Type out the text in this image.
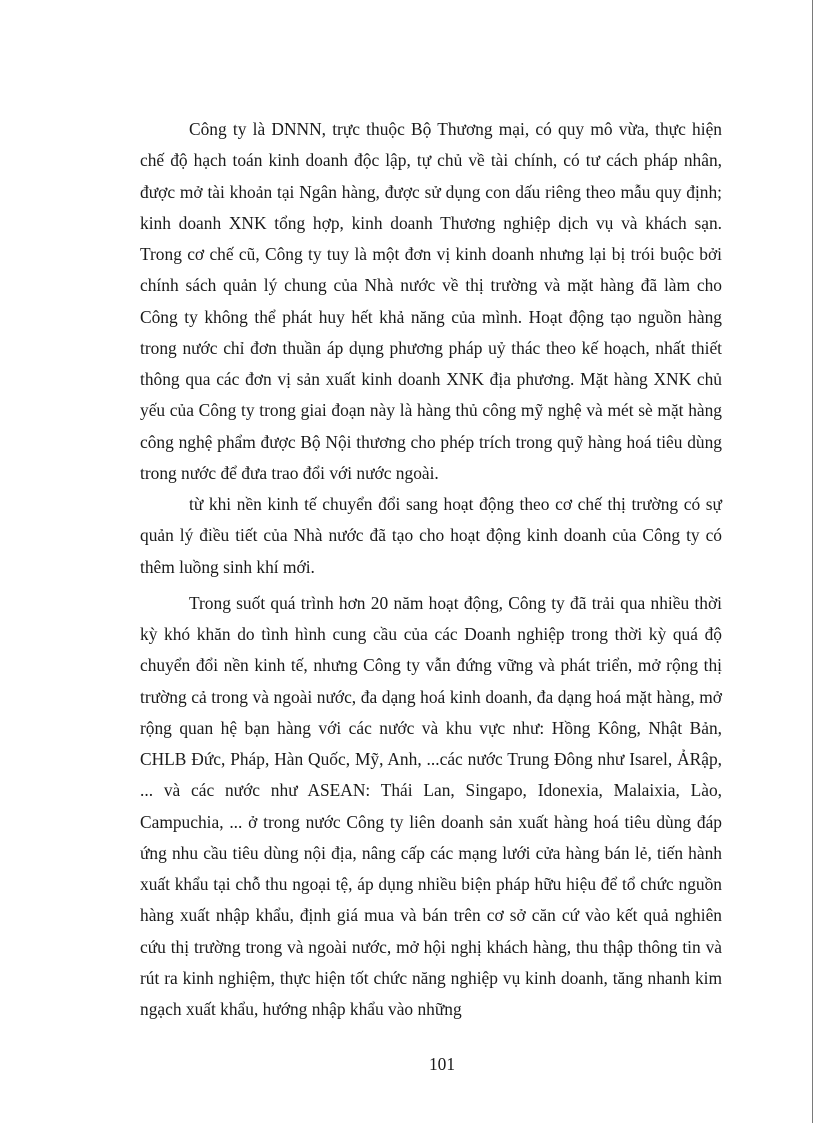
Công ty là DNNN, trực thuộc Bộ Thương mại, có quy mô vừa, thực hiện chế độ hạch toán kinh doanh độc lập, tự chủ về tài chính, có tư cách pháp nhân, được mở tài khoản tại Ngân hàng, được sử dụng con dấu riêng theo mẫu quy định; kinh doanh XNK tổng hợp, kinh doanh Thương nghiệp dịch vụ và khách sạn. Trong cơ chế cũ, Công ty tuy là một đơn vị kinh doanh nhưng lại bị trói buộc bởi chính sách quản lý chung của Nhà nước về thị trường và mặt hàng đã làm cho Công ty không thể phát huy hết khả năng của mình. Hoạt động tạo nguồn hàng trong nước chỉ đơn thuần áp dụng phương pháp uỷ thác theo kế hoạch, nhất thiết thông qua các đơn vị sản xuất kinh doanh XNK địa phương. Mặt hàng XNK chủ yếu của Công ty trong giai đoạn này là hàng thủ công mỹ nghệ và mét sè mặt hàng công nghệ phẩm được Bộ Nội thương cho phép trích trong quỹ hàng hoá tiêu dùng trong nước để đưa trao đổi với nước ngoài.

từ khi nền kinh tế chuyển đổi sang hoạt động theo cơ chế thị trường có sự quản lý điều tiết của Nhà nước đã tạo cho hoạt động kinh doanh của Công ty có thêm luồng sinh khí mới.

Trong suốt quá trình hơn 20 năm hoạt động, Công ty đã trải qua nhiều thời kỳ khó khăn do tình hình cung cầu của các Doanh nghiệp trong thời kỳ quá độ chuyển đổi nền kinh tế, nhưng Công ty vẫn đứng vững và phát triển, mở rộng thị trường cả trong và ngoài nước, đa dạng hoá kinh doanh, đa dạng hoá mặt hàng, mở rộng quan hệ bạn hàng với các nước và khu vực như: Hồng Kông, Nhật Bản, CHLB Đức, Pháp, Hàn Quốc, Mỹ, Anh, ...các nước Trung Đông như Isarel, ẢRập, ... và các nước như ASEAN: Thái Lan, Singapo, Idonexia, Malaixia, Lào, Campuchia, ... ở trong nước Công ty liên doanh sản xuất hàng hoá tiêu dùng đáp ứng nhu cầu tiêu dùng nội địa, nâng cấp các mạng lưới cửa hàng bán lẻ, tiến hành xuất khẩu tại chỗ thu ngoại tệ, áp dụng nhiều biện pháp hữu hiệu để tổ chức nguồn hàng xuất nhập khẩu, định giá mua và bán trên cơ sở căn cứ vào kết quả nghiên cứu thị trường trong và ngoài nước, mở hội nghị khách hàng, thu thập thông tin và rút ra kinh nghiệm, thực hiện tốt chức năng nghiệp vụ kinh doanh, tăng nhanh kim ngạch xuất khẩu, hướng nhập khẩu vào những

101
